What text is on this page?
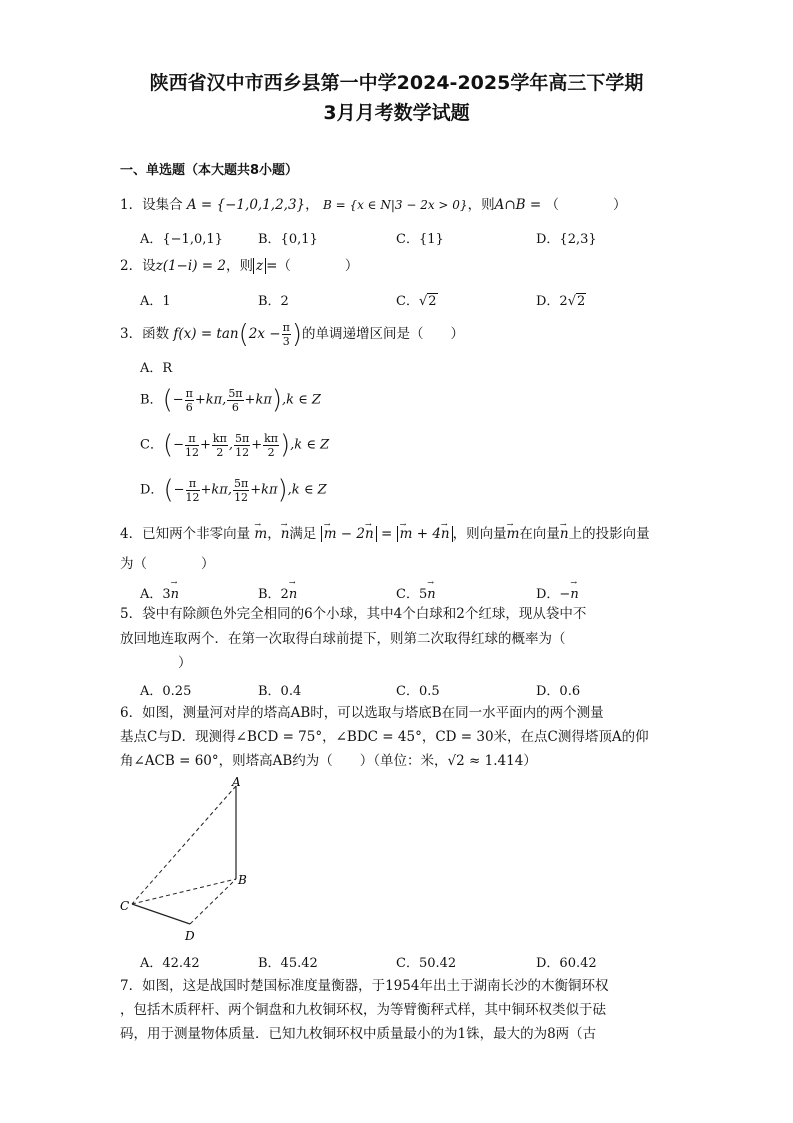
陕西省汉中市西乡县第一中学2024-2025学年高三下学期
3月月考数学试题
一、单选题（本大题共8小题）
1．设集合 A = {−1,0,1,2,3}， B = {x ∈ N|3 − 2x > 0}，则A∩B = （　　　　）
A．{−1,0,1}	B．{0,1}	C．{1}	D．{2,3}
2．设z(1−i) = 2，则 z =（　　　　）
A．1	B．2	C．√2	D．2√2
3．函数 $f(x) = \tan(2x - \frac{\pi}{3}$ )的单调递增区间是（　　）
A．R
B．(− $\frac{\pi}{6} +k\pi$, $\frac{5\pi}{6} +k\pi),k$ ∈ Z
C．(− $\frac{\pi}{12} + \frac{k\pi}{2}$ , $\frac{5\pi}{12} + \frac{k\pi}{2} ),k$ ∈ Z
D．(− $\frac{\pi}{12} +k\pi$, $\frac{5\pi}{12} +k\pi),k$ ∈ Z
4．已知两个非零向量 → m，→ n满足 → m − 2→ n = → m + 4→ n ，则向量→ m在向量→ n上的投影向量
为（　　　　）
A．3→ n	B．2→ n	C．5→ n	D．−→ n
5．袋中有除颜色外完全相同的6个小球，其中4个白球和2个红球，现从袋中不
放回地连取两个．在第一次取得白球前提下，则第二次取得红球的概率为（
）
A．0.25	B．0.4	C．0.5	D．0.6
6．如图，测量河对岸的塔高AB时，可以选取与塔底B在同一水平面内的两个测量
基点C与D．现测得∠BCD = 75°，∠BDC = 45°，CD = 30米，在点C测得塔顶A的仰
角∠ACB = 60°，则塔高AB约为（　　）（单位：米，√2 ≈ 1.414）
A
B
C
D
A．42.42	B．45.42	C．50.42	D．60.42
7．如图，这是战国时楚国标准度量衡器，于1954年出土于湖南长沙的木衡铜环权
，包括木质秤杆、两个铜盘和九枚铜环权，为等臂衡秤式样，其中铜环权类似于砝
码，用于测量物体质量．已知九枚铜环权中质量最小的为1铢，最大的为8两（古
